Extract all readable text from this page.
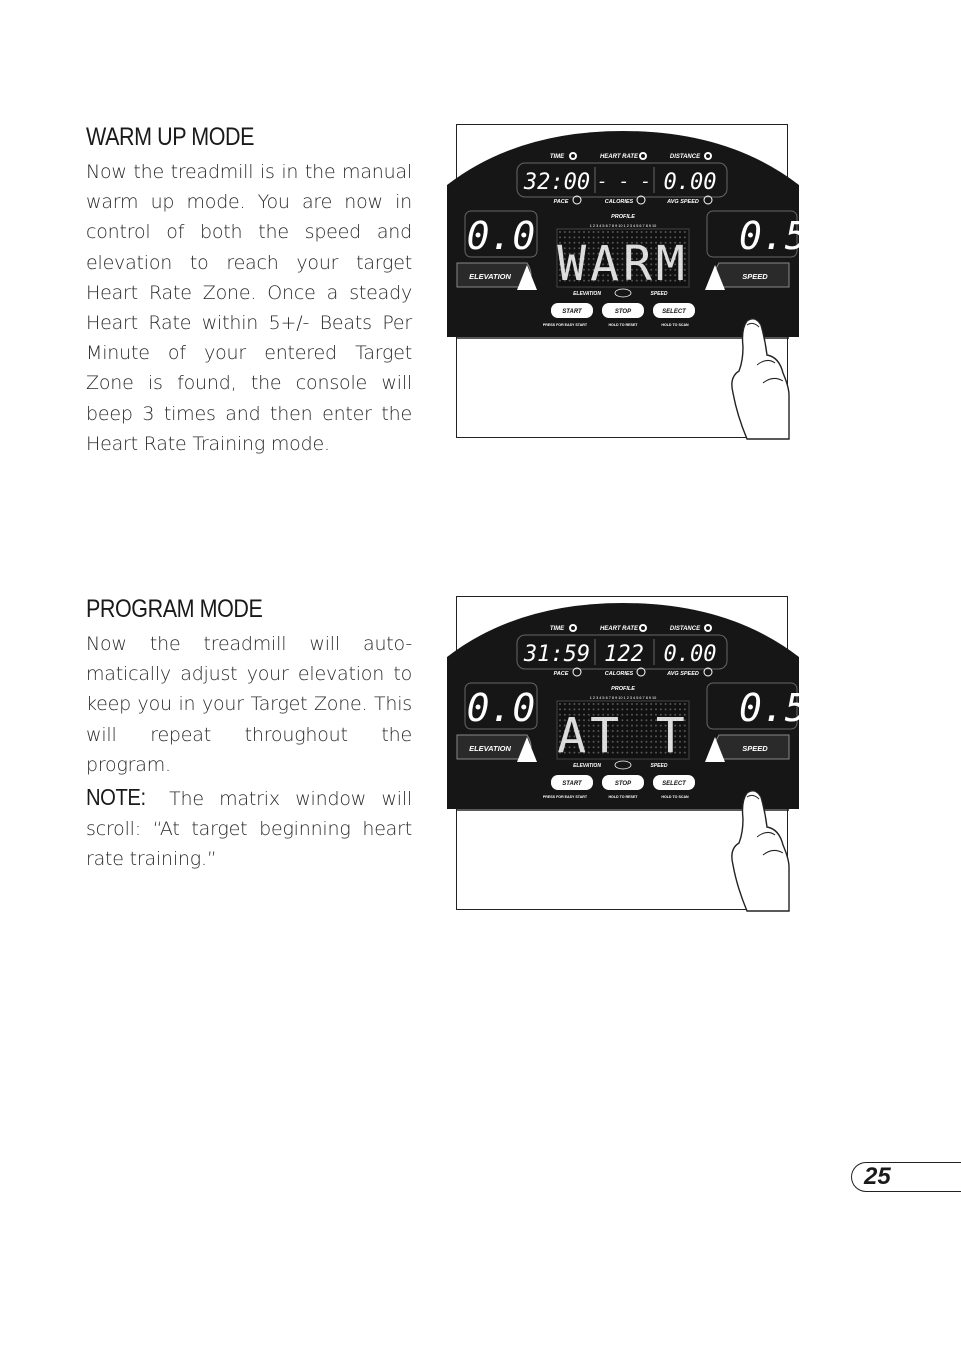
WARM UP MODE
Now the treadmill is in the manual warm up mode. You are now in control of both the speed and elevation to reach your target Heart Rate Zone. Once a steady Heart Rate within 5+/- Beats Per Minute of your entered Target Zone is found, the console will beep 3 times and then enter the Heart Rate Training mode.
TIME	HEART RATE	DISTANCE
32:00 - - - 0.00
PACE	CALORIES	AVG SPEED
0.0	0.5
PROFILE
1 2 3 4 5 6 7 8 9 10 1 2 3 4 5 6 7 8 9 10
WARM
ELEVATION	SPEED
ELEVATION	SPEED
START	STOP	SELECT
PRESS FOR EASY START	HOLD TO RESET	HOLD TO SCAN
PROGRAM MODE
Now the treadmill will auto-matically adjust your elevation to keep you in your Target Zone. This will repeat throughout the program.
NOTE: The matrix window will scroll: “At target beginning heart rate training.”
TIME	HEART RATE	DISTANCE
31:59 122 0.00
PACE	CALORIES	AVG SPEED
0.0	0.5
PROFILE
1 2 3 4 5 6 7 8 9 10 1 2 3 4 5 6 7 8 9 10
AT T
ELEVATION	SPEED
ELEVATION	SPEED
START	STOP	SELECT
PRESS FOR EASY START	HOLD TO RESET	HOLD TO SCAN
25
